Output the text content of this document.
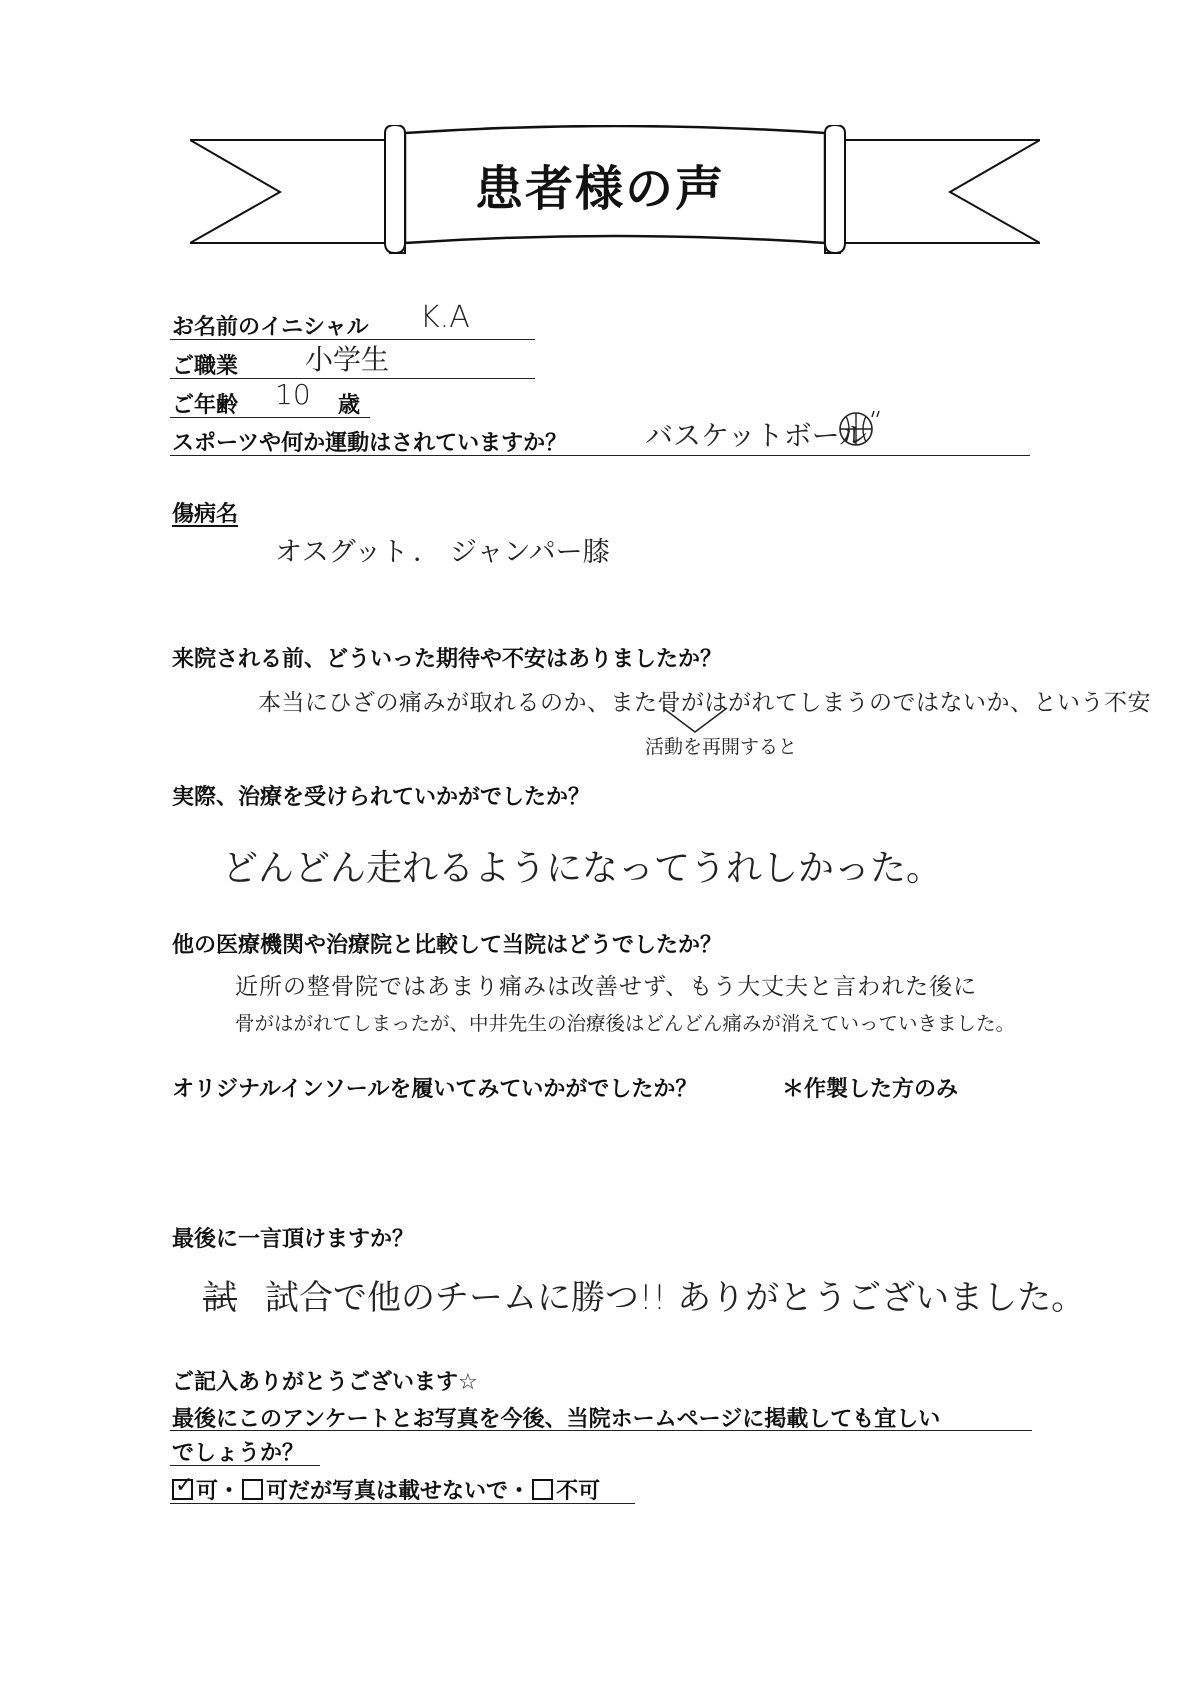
患者様の声
お名前のイニシャル K.A
ご職業 小学生
ご年齢 10 歳
スポーツや何か運動はされていますか？	バスケットボール
傷病名
オスグット ． ジャンパー膝
来院される前、どういった期待や不安はありましたか？
本当にひざの痛みが取れるのか、また骨がはがれてしまうのではないか、という不安
活動を再開すると
実際、治療を受けられていかがでしたか？
どんどん走れるようになってうれしかった。
他の医療機関や治療院と比較して当院はどうでしたか？
近所の整骨院ではあまり痛みは改善せず、もう大丈夫と言われた後に
骨がはがれてしまったが、中井先生の治療後はどんどん痛みが消えていっていきました。
オリジナルインソールを履いてみていかがでしたか？	＊作製した方のみ
最後に一言頂けますか？
試 試合で他のチームに勝つ!! ありがとうございました。
ご記入ありがとうございます☆
最後にこのアンケートとお写真を今後、当院ホームページに掲載しても宜しい
でしょうか？
✓ 可・ 可だが写真は載せないで・ 不可
